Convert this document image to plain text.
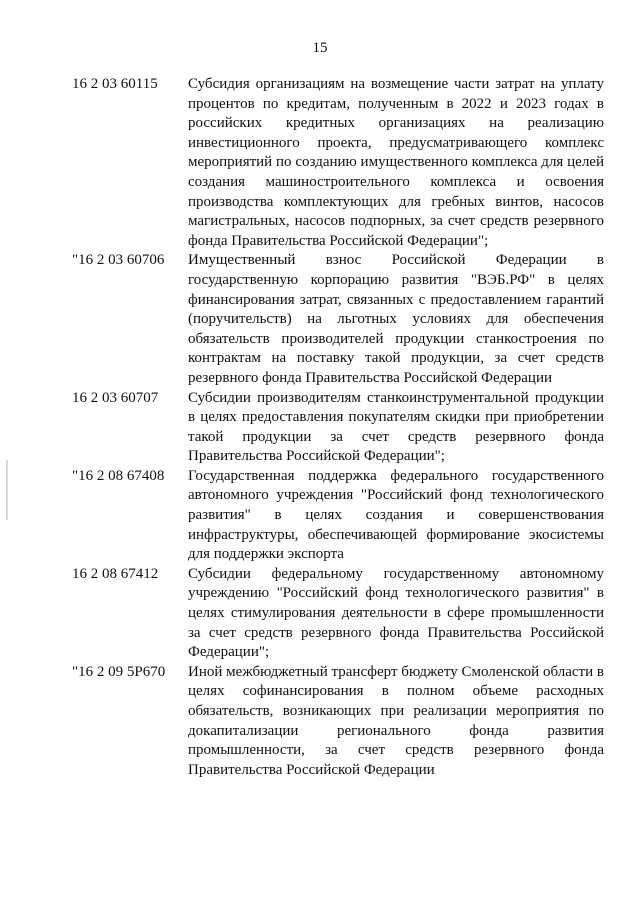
15
16 2 03 60115	Субсидия организациям на возмещение части затрат на уплату процентов по кредитам, полученным в 2022 и 2023 годах в российских кредитных организациях на реализацию инвестиционного проекта, предусматривающего комплекс мероприятий по созданию имущественного комплекса для целей создания машиностроительного комплекса и освоения производства комплектующих для гребных винтов, насосов магистральных, насосов подпорных, за счет средств резервного фонда Правительства Российской Федерации";
"16 2 03 60706	Имущественный взнос Российской Федерации в государственную корпорацию развития "ВЭБ.РФ" в целях финансирования затрат, связанных с предоставлением гарантий (поручительств) на льготных условиях для обеспечения обязательств производителей продукции станкостроения по контрактам на поставку такой продукции, за счет средств резервного фонда Правительства Российской Федерации
16 2 03 60707	Субсидии производителям станкоинструментальной продукции в целях предоставления покупателям скидки при приобретении такой продукции за счет средств резервного фонда Правительства Российской Федерации";
"16 2 08 67408	Государственная поддержка федерального государственного автономного учреждения "Российский фонд технологического развития" в целях создания и совершенствования инфраструктуры, обеспечивающей формирование экосистемы для поддержки экспорта
16 2 08 67412	Субсидии федеральному государственному автономному учреждению "Российский фонд технологического развития" в целях стимулирования деятельности в сфере промышленности за счет средств резервного фонда Правительства Российской Федерации";
"16 2 09 5Р670	Иной межбюджетный трансферт бюджету Смоленской области в целях софинансирования в полном объеме расходных обязательств, возникающих при реализации мероприятия по докапитализации регионального фонда развития промышленности, за счет средств резервного фонда Правительства Российской Федерации
